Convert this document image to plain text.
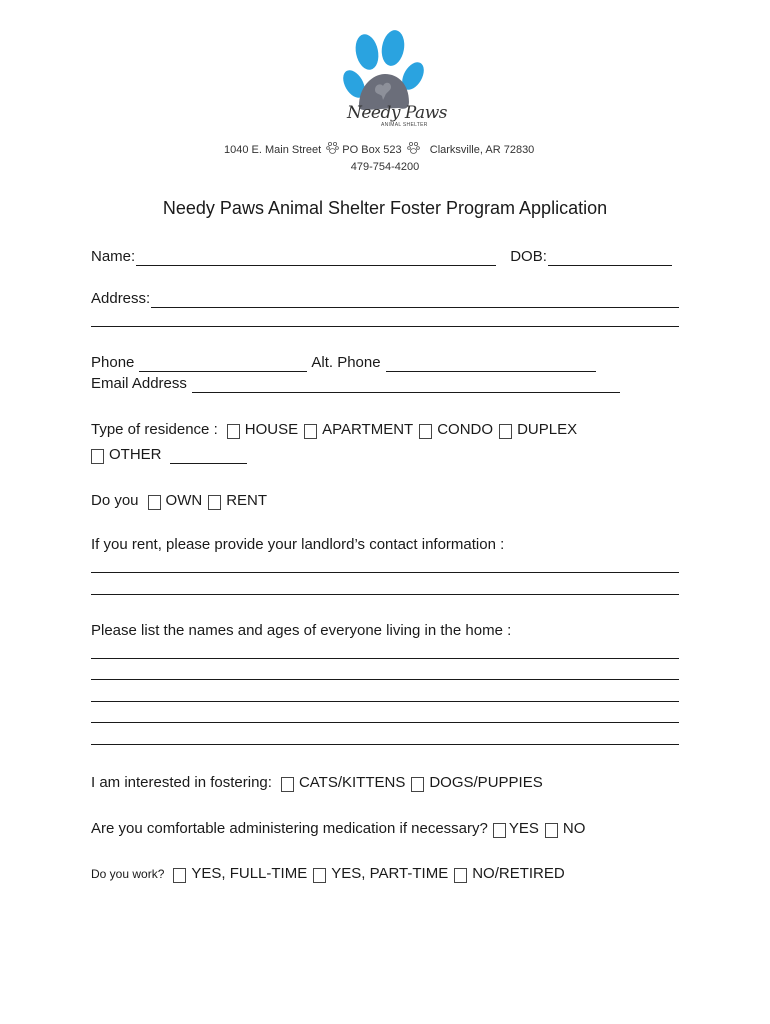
Needy Paws
ANIMAL SHELTER
1040 E. Main Street PO Box 523	Clarksville, AR 72830
479-754-4200
Needy Paws Animal Shelter Foster Program Application
Name:	DOB:
Address:
Phone	Alt. Phone
Email Address
Type of residence : HOUSE APARTMENT CONDO DUPLEX
OTHER
Do you OWN RENT
If you rent, please provide your landlord’s contact information :
Please list the names and ages of everyone living in the home :
I am interested in fostering: CATS/KITTENS DOGS/PUPPIES
Are you comfortable administering medication if necessary? YES NO
Do you work? YES, FULL-TIME YES, PART-TIME NO/RETIRED
